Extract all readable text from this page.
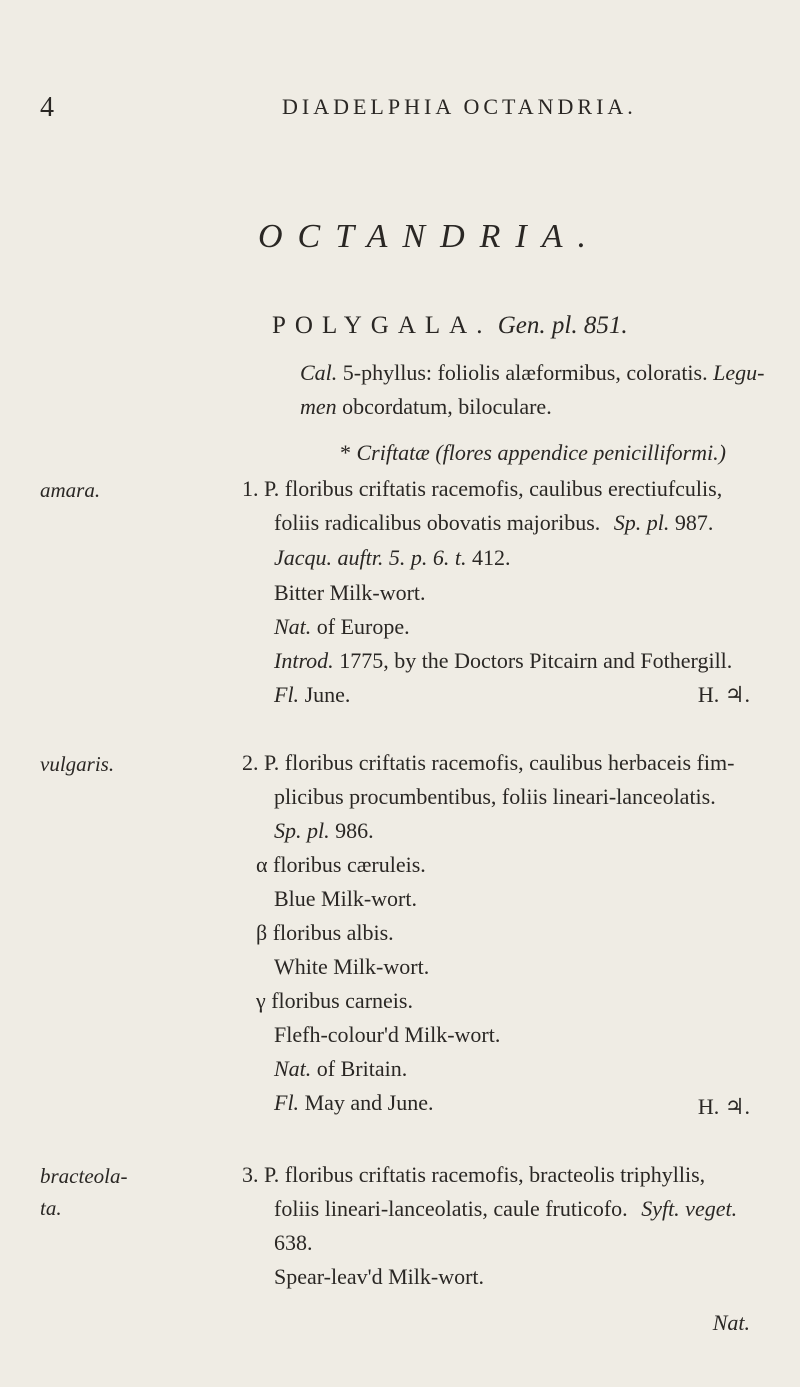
4	DIADELPHIA OCTANDRIA.
OCTANDRIA.
POLYGALA. Gen. pl. 851.
Cal. 5-phyllus: foliolis alæformibus, coloratis. Legu-
men obcordatum, biloculare.
* Criftatæ (flores appendice penicilliformi.)
amara.	1. P. floribus criftatis racemofis, caulibus erectiufculis,
foliis radicalibus obovatis majoribus. Sp. pl. 987.
Jacqu. auftr. 5. p. 6. t. 412.
Bitter Milk-wort.
Nat. of Europe.
Introd. 1775, by the Doctors Pitcairn and Fothergill.
Fl. June.	H. ♃.
vulgaris.	2. P. floribus criftatis racemofis, caulibus herbaceis fim-
plicibus procumbentibus, foliis lineari-lanceolatis.
Sp. pl. 986.
α floribus cæruleis.
Blue Milk-wort.
β floribus albis.
White Milk-wort.
γ floribus carneis.
Flefh-colour'd Milk-wort.
Nat. of Britain.
Fl. May and June.	H. ♃.
bracteola-
ta.
3. P. floribus criftatis racemofis, bracteolis triphyllis,
foliis lineari-lanceolatis, caule fruticofo. Syft. veget.
638.
Spear-leav'd Milk-wort.
Nat.
